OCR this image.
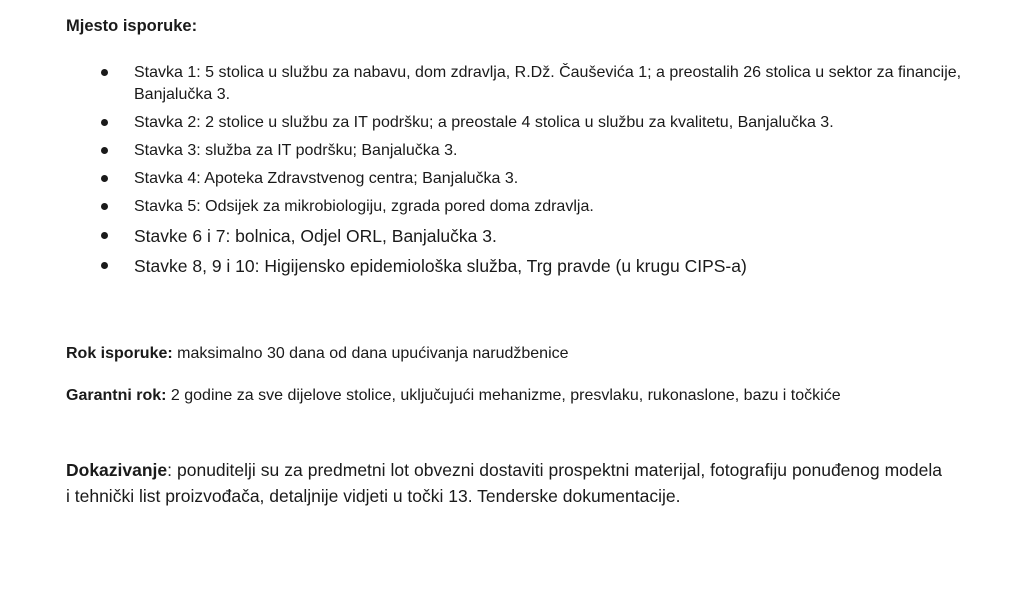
Mjesto isporuke:
Stavka 1: 5 stolica u službu za nabavu, dom zdravlja, R.Dž. Čauševića 1; a preostalih 26 stolica u sektor za financije, Banjalučka 3.
Stavka 2: 2 stolice u službu za IT podršku; a preostale 4 stolica u službu za kvalitetu, Banjalučka 3.
Stavka 3: služba za IT podršku; Banjalučka 3.
Stavka 4: Apoteka Zdravstvenog centra; Banjalučka 3.
Stavka 5: Odsijek za mikrobiologiju, zgrada pored doma zdravlja.
Stavke 6 i 7: bolnica, Odjel ORL, Banjalučka 3.
Stavke 8, 9 i 10: Higijensko epidemiološka služba, Trg pravde (u krugu CIPS-a)
Rok isporuke: maksimalno 30 dana od dana upućivanja narudžbenice
Garantni rok: 2 godine za sve dijelove stolice, uključujući mehanizme, presvlaku, rukonaslone, bazu i točkiće
Dokazivanje: ponuditelji su za predmetni lot obvezni dostaviti prospektni materijal, fotografiju ponuđenog modela i tehnički list proizvođača, detaljnije vidjeti u točki 13. Tenderske dokumentacije.
